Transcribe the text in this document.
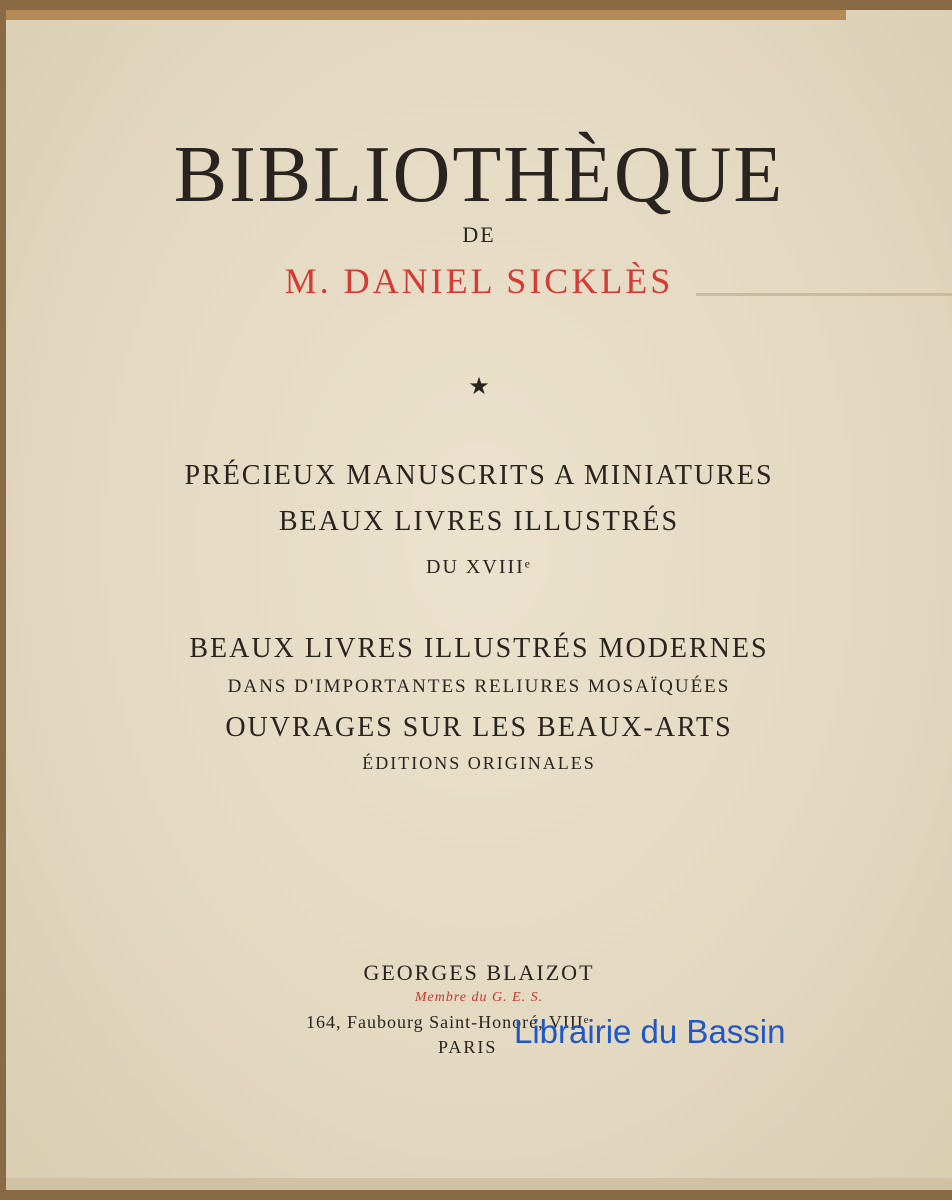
BIBLIOTHÈQUE
DE
M. DANIEL SICKLÈS
★
PRÉCIEUX MANUSCRITS A MINIATURES
BEAUX LIVRES ILLUSTRÉS
DU XVIIIᵉ
BEAUX LIVRES ILLUSTRÉS MODERNES
DANS D'IMPORTANTES RELIURES MOSAÏQUÉES
OUVRAGES SUR LES BEAUX-ARTS
ÉDITIONS ORIGINALES
GEORGES BLAIZOT
Membre du G. E. S.
164, Faubourg Saint-Honoré, VIIIᵉ
PARIS Librairie du Bassin
